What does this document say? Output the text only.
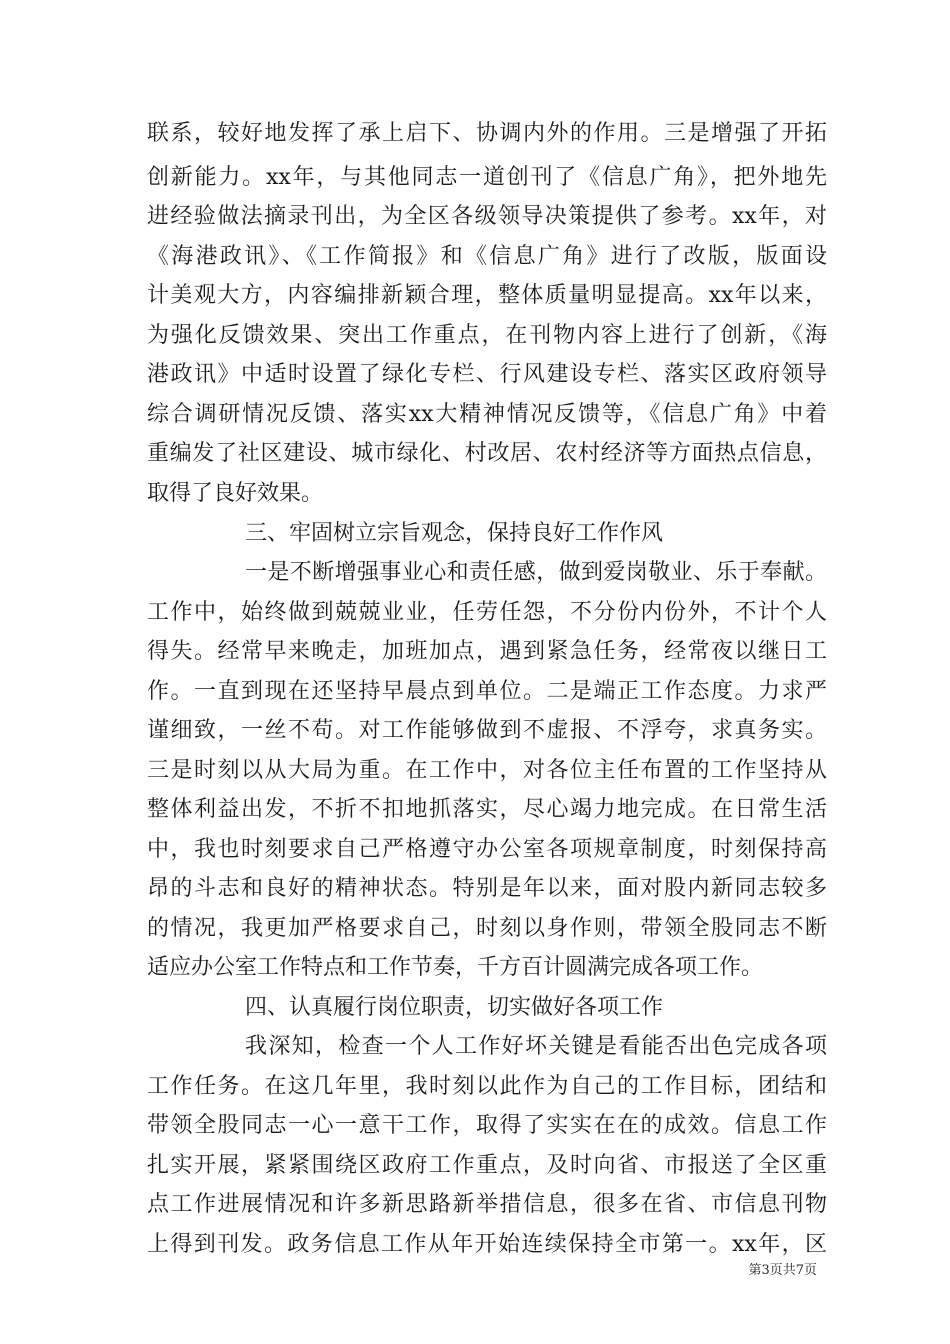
联系，较好地发挥了承上启下、协调内外的作用。三是增强了开拓
创新能力。xx年，与其他同志一道创刊了《信息广角》，把外地先
进经验做法摘录刊出，为全区各级领导决策提供了参考。xx年，对
《海港政讯》、《工作简报》和《信息广角》进行了改版，版面设
计美观大方，内容编排新颖合理，整体质量明显提高。xx年以来，
为强化反馈效果、突出工作重点，在刊物内容上进行了创新，《海
港政讯》中适时设置了绿化专栏、行风建设专栏、落实区政府领导
综合调研情况反馈、落实xx大精神情况反馈等，《信息广角》中着
重编发了社区建设、城市绿化、村改居、农村经济等方面热点信息，
取得了良好效果。
三、牢固树立宗旨观念，保持良好工作作风
一是不断增强事业心和责任感，做到爱岗敬业、乐于奉献。
工作中，始终做到兢兢业业，任劳任怨，不分份内份外，不计个人
得失。经常早来晚走，加班加点，遇到紧急任务，经常夜以继日工
作。一直到现在还坚持早晨点到单位。二是端正工作态度。力求严
谨细致，一丝不苟。对工作能够做到不虚报、不浮夸，求真务实。
三是时刻以从大局为重。在工作中，对各位主任布置的工作坚持从
整体利益出发，不折不扣地抓落实，尽心竭力地完成。在日常生活
中，我也时刻要求自己严格遵守办公室各项规章制度，时刻保持高
昂的斗志和良好的精神状态。特别是年以来，面对股内新同志较多
的情况，我更加严格要求自己，时刻以身作则，带领全股同志不断
适应办公室工作特点和工作节奏，千方百计圆满完成各项工作。
四、认真履行岗位职责，切实做好各项工作
我深知，检查一个人工作好坏关键是看能否出色完成各项
工作任务。在这几年里，我时刻以此作为自己的工作目标，团结和
带领全股同志一心一意干工作，取得了实实在在的成效。信息工作
扎实开展，紧紧围绕区政府工作重点，及时向省、市报送了全区重
点工作进展情况和许多新思路新举措信息，很多在省、市信息刊物
上得到刊发。政务信息工作从年开始连续保持全市第一。xx年，区
第3页共7页
